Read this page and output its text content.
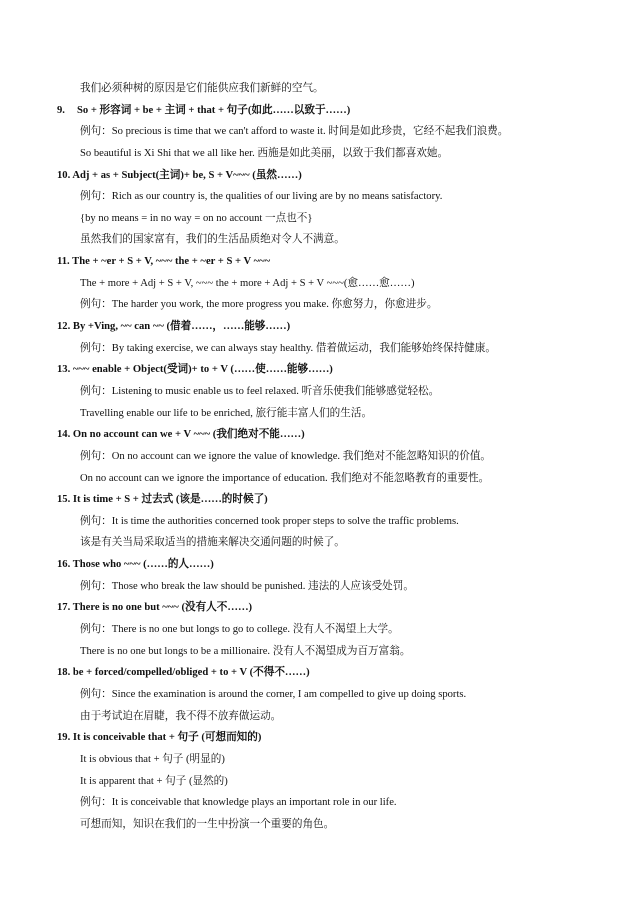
我们必须种树的原因是它们能供应我们新鲜的空气。
9. So + 形容词 + be + 主词 + that + 句子(如此……以致于……)
例句：So precious is time that we can't afford to waste it. 时间是如此珍贵，它经不起我们浪费。
So beautiful is Xi Shi that we all like her. 西施是如此美丽，以致于我们都喜欢她。
10. Adj + as + Subject(主词)+ be, S + V~~~ (虽然……)
例句：Rich as our country is, the qualities of our living are by no means satisfactory.
{by no means = in no way = on no account 一点也不}
虽然我们的国家富有，我们的生活品质绝对令人不满意。
11. The + ~er + S + V, ~~~ the + ~er + S + V ~~~
The + more + Adj + S + V, ~~~ the + more + Adj + S + V ~~~(愈……愈……)
例句：The harder you work, the more progress you make. 你愈努力，你愈进步。
12. By +Ving, ~~ can ~~ (借着……，……能够……)
例句：By taking exercise, we can always stay healthy. 借着做运动，我们能够始终保持健康。
13. ~~~ enable + Object(受词)+ to + V (……使……能够……)
例句：Listening to music enable us to feel relaxed. 听音乐使我们能够感觉轻松。
Travelling enable our life to be enriched, 旅行能丰富人们的生活。
14. On no account can we + V ~~~ (我们绝对不能……)
例句：On no account can we ignore the value of knowledge. 我们绝对不能忽略知识的价值。
On no account can we ignore the importance of education. 我们绝对不能忽略教育的重要性。
15. It is time + S + 过去式 (该是……的时候了)
例句：It is time the authorities concerned took proper steps to solve the traffic problems.
该是有关当局采取适当的措施来解决交通问题的时候了。
16. Those who ~~~ (……的人……)
例句：Those who break the law should be punished. 违法的人应该受处罚。
17. There is no one but ~~~ (没有人不……)
例句：There is no one but longs to go to college. 没有人不渴望上大学。
There is no one but longs to be a millionaire. 没有人不渴望成为百万富翁。
18. be + forced/compelled/obliged + to + V (不得不……)
例句：Since the examination is around the corner, I am compelled to give up doing sports.
由于考试迫在眉睫，我不得不放弃做运动。
19. It is conceivable that + 句子 (可想而知的)
It is obvious that + 句子 (明显的)
It is apparent that + 句子 (显然的)
例句：It is conceivable that knowledge plays an important role in our life.
可想而知，知识在我们的一生中扮演一个重要的角色。
